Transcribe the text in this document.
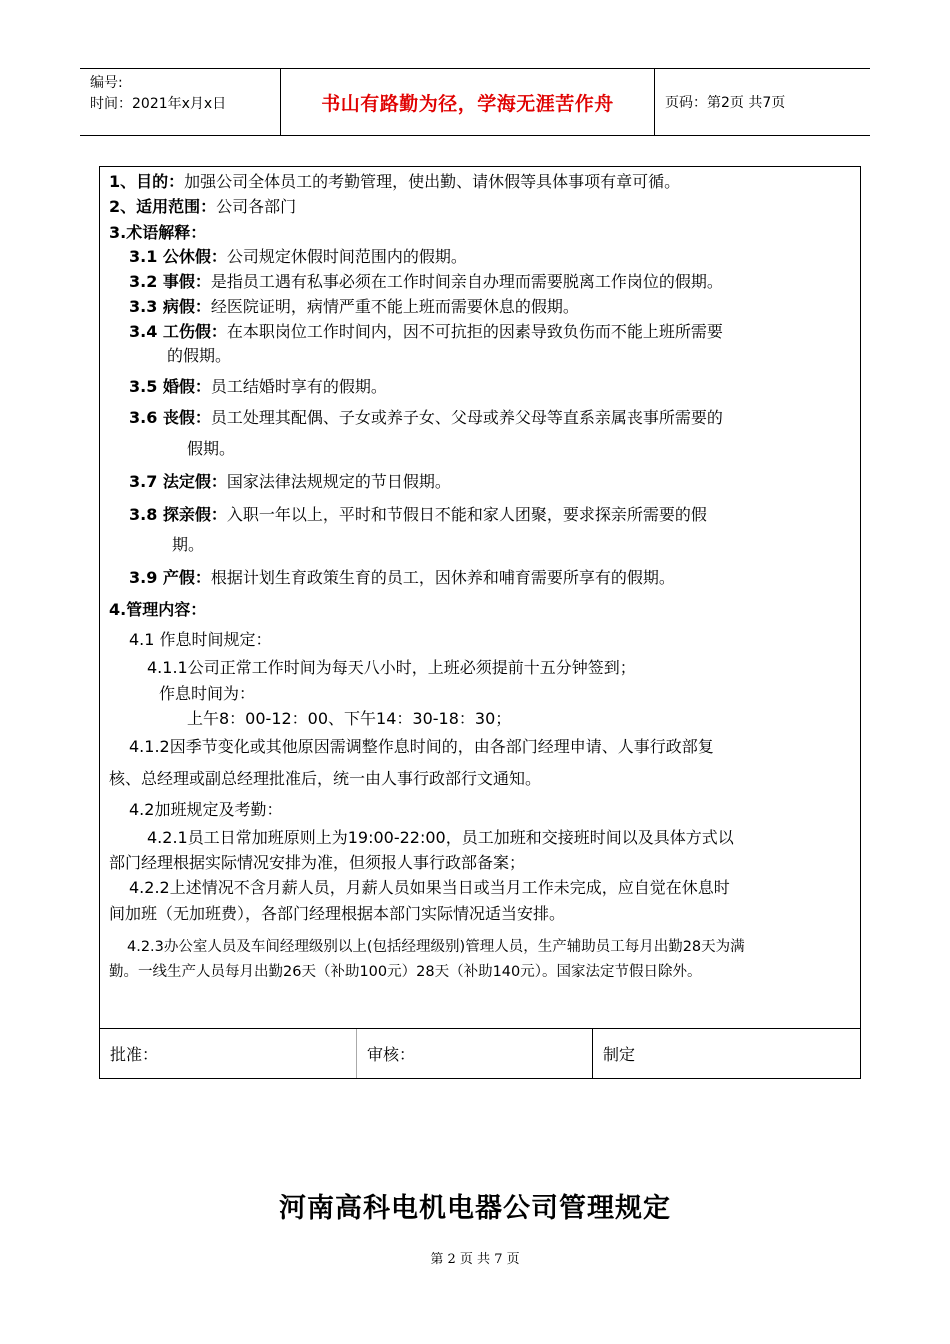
编号:
时间：2021年x月x日	书山有路勤为径，学海无涯苦作舟	页码：第2页 共7页
1、目的：加强公司全体员工的考勤管理，使出勤、请休假等具体事项有章可循。
2、适用范围：公司各部门
3.术语解释：
3.1 公休假：公司规定休假时间范围内的假期。
3.2 事假：是指员工遇有私事必须在工作时间亲自办理而需要脱离工作岗位的假期。
3.3 病假：经医院证明，病情严重不能上班而需要休息的假期。
3.4 工伤假：在本职岗位工作时间内，因不可抗拒的因素导致负伤而不能上班所需要
的假期。
3.5 婚假：员工结婚时享有的假期。
3.6 丧假：员工处理其配偶、子女或养子女、父母或养父母等直系亲属丧事所需要的
假期。
3.7 法定假：国家法律法规规定的节日假期。
3.8 探亲假：入职一年以上，平时和节假日不能和家人团聚，要求探亲所需要的假
期。
3.9 产假：根据计划生育政策生育的员工，因休养和哺育需要所享有的假期。
4.管理内容：
4.1 作息时间规定：
4.1.1公司正常工作时间为每天八小时，上班必须提前十五分钟签到；
作息时间为：
上午8：00-12：00、下午14：30-18：30；
4.1.2因季节变化或其他原因需调整作息时间的，由各部门经理申请、人事行政部复
核、总经理或副总经理批准后，统一由人事行政部行文通知。
4.2加班规定及考勤：
4.2.1员工日常加班原则上为19:00-22:00，员工加班和交接班时间以及具体方式以
部门经理根据实际情况安排为准，但须报人事行政部备案；
4.2.2上述情况不含月薪人员，月薪人员如果当日或当月工作未完成，应自觉在休息时
间加班（无加班费），各部门经理根据本部门实际情况适当安排。
4.2.3办公室人员及车间经理级别以上(包括经理级别)管理人员，生产辅助员工每月出勤28天为满
勤。一线生产人员每月出勤26天（补助100元）28天（补助140元）。国家法定节假日除外。
批准：	审核：	制定
河南高科电机电器公司管理规定
第 2 页 共 7 页
